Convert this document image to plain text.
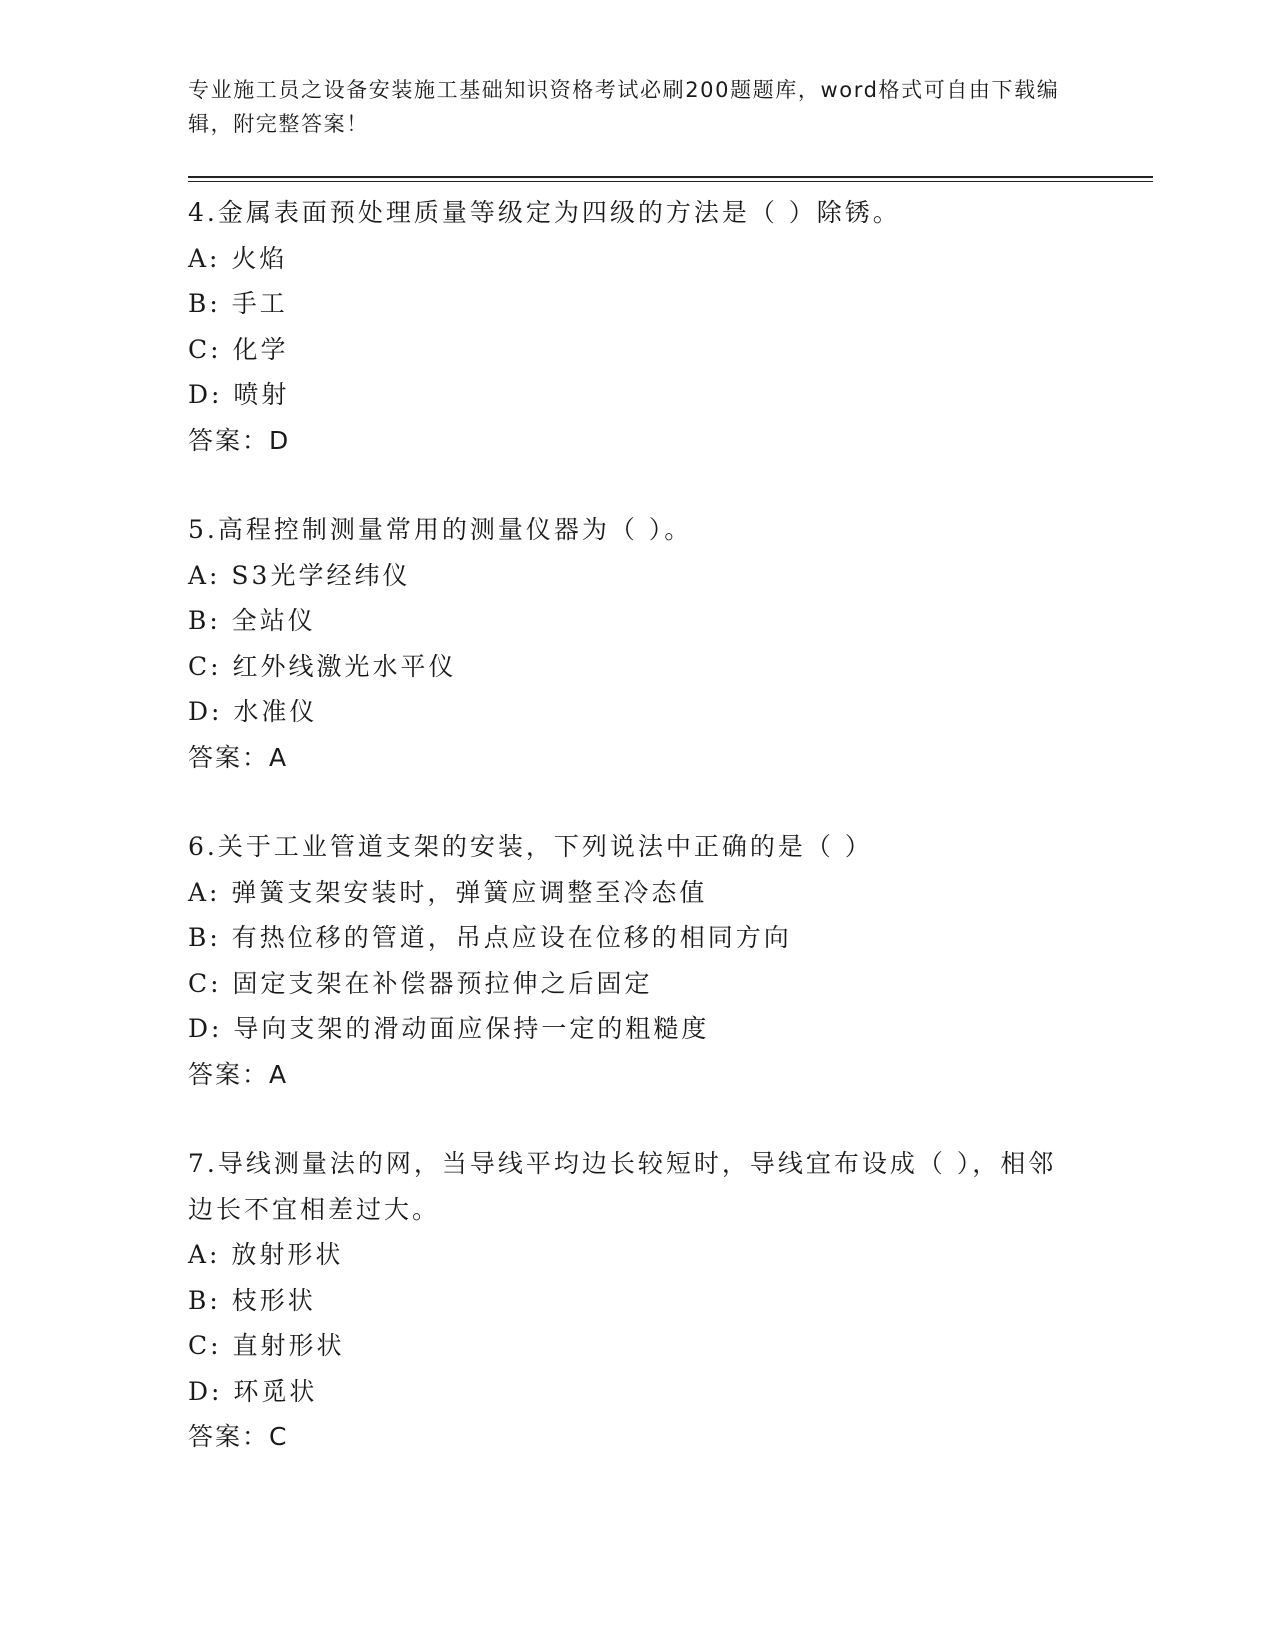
专业施工员之设备安装施工基础知识资格考试必刷200题题库，word格式可自由下载编辑，附完整答案！
4.金属表面预处理质量等级定为四级的方法是（ ）除锈。
A: 火焰
B: 手工
C: 化学
D: 喷射
答案：D
5.高程控制测量常用的测量仪器为（ ）。
A: S3光学经纬仪
B: 全站仪
C: 红外线激光水平仪
D: 水准仪
答案：A
6.关于工业管道支架的安装，下列说法中正确的是（ ）
A: 弹簧支架安装时，弹簧应调整至冷态值
B: 有热位移的管道，吊点应设在位移的相同方向
C: 固定支架在补偿器预拉伸之后固定
D: 导向支架的滑动面应保持一定的粗糙度
答案：A
7.导线测量法的网，当导线平均边长较短时，导线宜布设成（ ），相邻边长不宜相差过大。
A: 放射形状
B: 枝形状
C: 直射形状
D: 环觅状
答案：C
